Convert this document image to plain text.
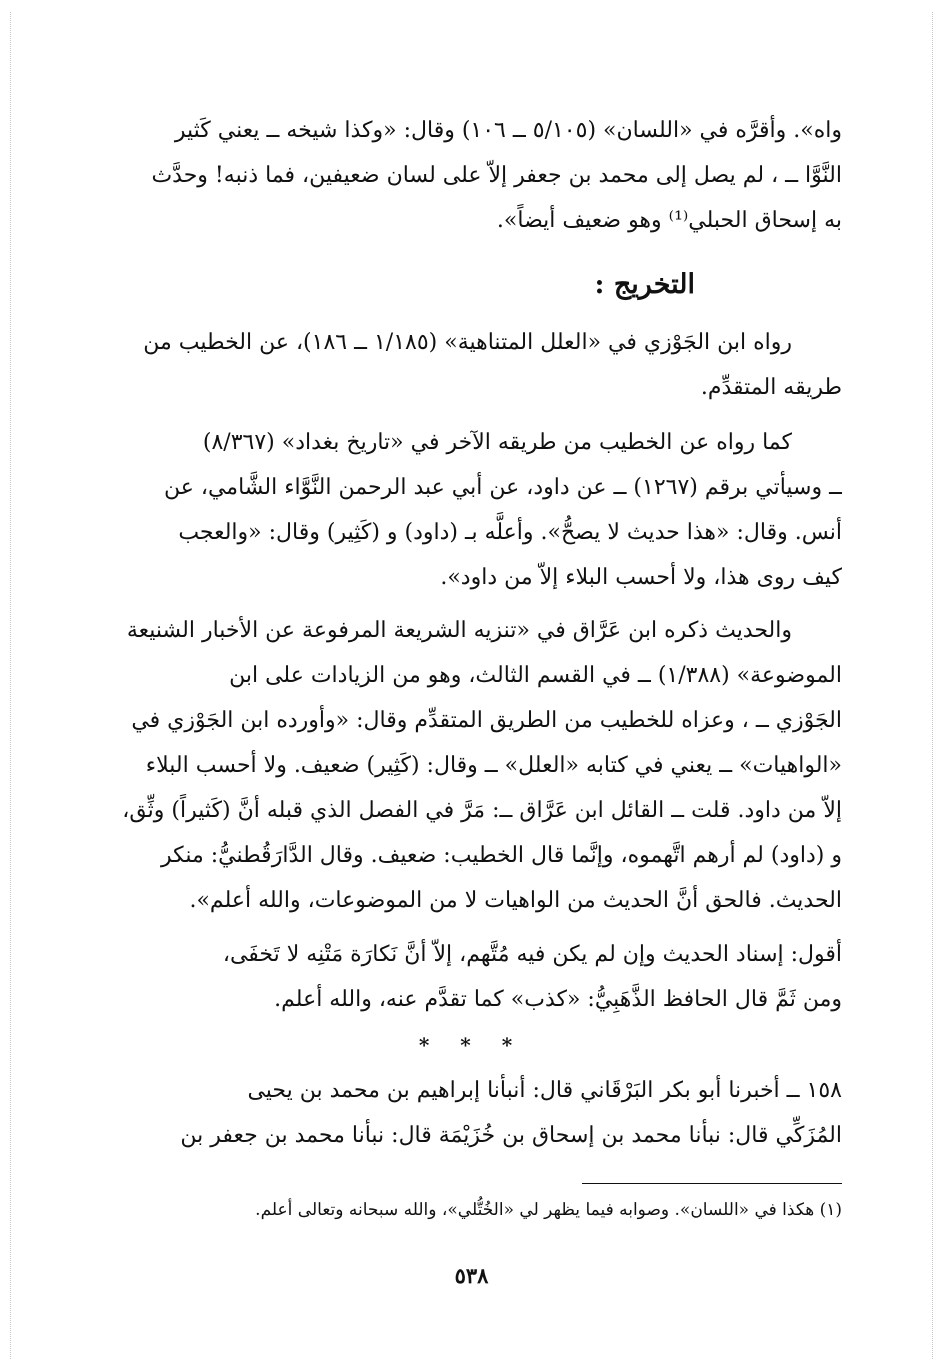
واه». وأقرَّه في «اللسان» (٥/١٠٥ ــ ١٠٦) وقال: «وكذا شيخه ــ يعني كَثير
النَّوَّا ــ ، لم يصل إلى محمد بن جعفر إلاّ على لسان ضعيفين، فما ذنبه! وحدَّث
به إسحاق الحبلي⁽¹⁾ وهو ضعيف أيضاً».
التخريج :
رواه ابن الجَوْزي في «العلل المتناهية» (١/١٨٥ ــ ١٨٦)، عن الخطيب من
طريقه المتقدِّم.
كما رواه عن الخطيب من طريقه الآخر في «تاريخ بغداد» (٨/٣٦٧)
ــ وسيأتي برقم (١٢٦٧) ــ عن داود، عن أبي عبد الرحمن النَّوَّاء الشَّامي، عن
أنس. وقال: «هذا حديث لا يصحُّ». وأعلَّه بـ (داود) و (كَثِير) وقال: «والعجب
كيف روى هذا، ولا أحسب البلاء إلاّ من داود».
والحديث ذكره ابن عَرَّاق في «تنزيه الشريعة المرفوعة عن الأخبار الشنيعة
الموضوعة» (١/٣٨٨) ــ في القسم الثالث، وهو من الزيادات على ابن
الجَوْزي ــ ، وعزاه للخطيب من الطريق المتقدِّم وقال: «وأورده ابن الجَوْزي في
«الواهيات» ــ يعني في كتابه «العلل» ــ وقال: (كَثِير) ضعيف. ولا أحسب البلاء
إلاّ من داود. قلت ــ القائل ابن عَرَّاق ــ: مَرَّ في الفصل الذي قبله أنَّ (كَثيراً) وثِّق،
و (داود) لم أرهم اتَّهموه، وإنَّما قال الخطيب: ضعيف. وقال الدَّارَقُطنيُّ: منكر
الحديث. فالحق أنَّ الحديث من الواهيات لا من الموضوعات، والله أعلم».
أقول: إسناد الحديث وإن لم يكن فيه مُتَّهم، إلاّ أنَّ نَكارَة مَتْنِه لا تَخفَى،
ومن ثَمَّ قال الحافظ الذَّهَبِيُّ: «كذب» كما تقدَّم عنه، والله أعلم.
* * *
١٥٨ ــ أخبرنا أبو بكر البَرْقَاني قال: أنبأنا إبراهيم بن محمد بن يحيى
المُزَكِّي قال: نبأنا محمد بن إسحاق بن خُزَيْمَة قال: نبأنا محمد بن جعفر بن
(١) هكذا في «اللسان». وصوابه فيما يظهر لي «الخُتُّلي»، والله سبحانه وتعالى أعلم.
٥٣٨
